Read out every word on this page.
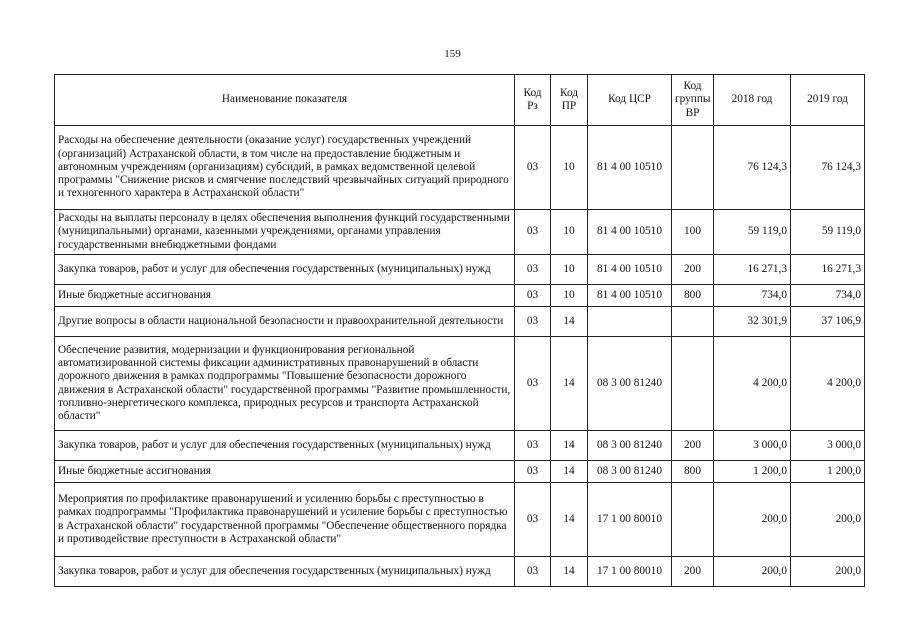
159
Наименование показателя	Код Рз	Код ПР	Код ЦСР	Код группы ВР	2018 год	2019 год
Расходы на обеспечение деятельности (оказание услуг) государственных учреждений (организаций) Астраханской области, в том числе на предоставление бюджетным и автономным учреждениям (организациям) субсидий, в рамках ведомственной целевой программы "Снижение рисков и смягчение последствий чрезвычайных ситуаций природного и техногенного характера в Астраханской области"	03	10	81 4 00 10510		76 124,3	76 124,3
Расходы на выплаты персоналу в целях обеспечения выполнения функций государственными (муниципальными) органами, казенными учреждениями, органами управления государственными внебюджетными фондами	03	10	81 4 00 10510	100	59 119,0	59 119,0
Закупка товаров, работ и услуг для обеспечения государственных (муниципальных) нужд	03	10	81 4 00 10510	200	16 271,3	16 271,3
Иные бюджетные ассигнования	03	10	81 4 00 10510	800	734,0	734,0
Другие вопросы в области национальной безопасности и правоохранительной деятельности	03	14			32 301,9	37 106,9
Обеспечение развития, модернизации и функционирования региональной автоматизированной системы фиксации административных правонарушений в области дорожного движения в рамках подпрограммы "Повышение безопасности дорожного движения в Астраханской области" государственной программы "Развитие промышленности, топливно-энергетического комплекса, природных ресурсов и транспорта Астраханской области"	03	14	08 3 00 81240		4 200,0	4 200,0
Закупка товаров, работ и услуг для обеспечения государственных (муниципальных) нужд	03	14	08 3 00 81240	200	3 000,0	3 000,0
Иные бюджетные ассигнования	03	14	08 3 00 81240	800	1 200,0	1 200,0
Мероприятия по профилактике правонарушений и усилению борьбы с преступностью в рамках подпрограммы "Профилактика правонарушений и усиление борьбы с преступностью в Астраханской области" государственной программы "Обеспечение общественного порядка и противодействие преступности в Астраханской области"	03	14	17 1 00 80010		200,0	200,0
Закупка товаров, работ и услуг для обеспечения государственных (муниципальных) нужд	03	14	17 1 00 80010	200	200,0	200,0
